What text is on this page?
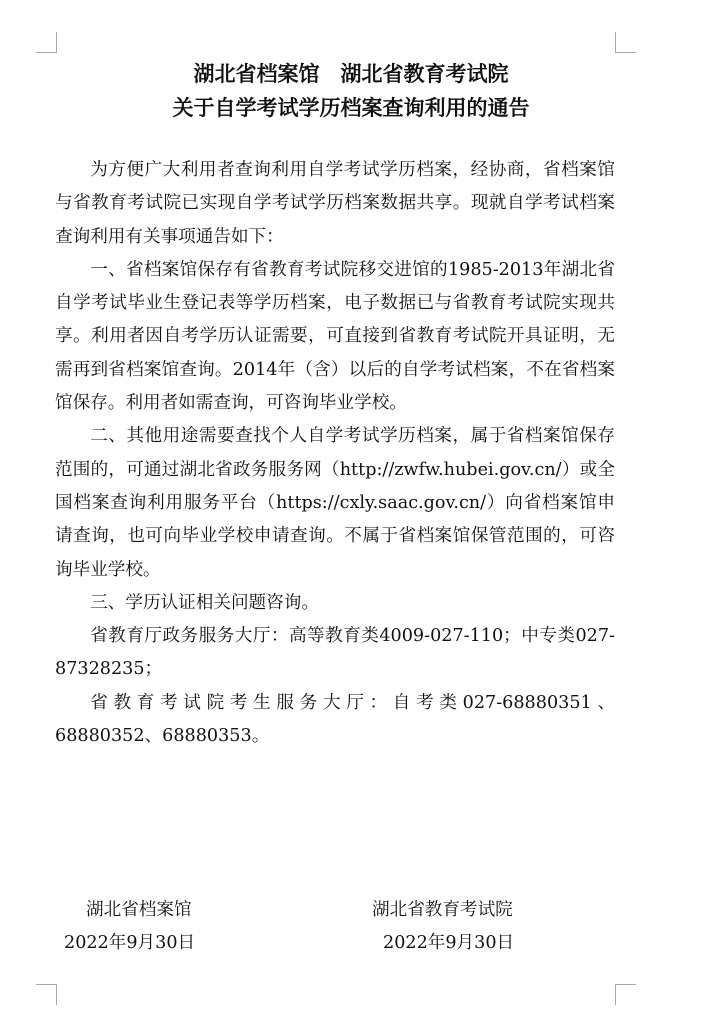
湖北省档案馆　湖北省教育考试院
关于自学考试学历档案查询利用的通告

为方便广大利用者查询利用自学考试学历档案，经协商，省档案馆与省教育考试院已实现自学考试学历档案数据共享。现就自学考试档案查询利用有关事项通告如下：

一、省档案馆保存有省教育考试院移交进馆的1985-2013年湖北省自学考试毕业生登记表等学历档案，电子数据已与省教育考试院实现共享。利用者因自考学历认证需要，可直接到省教育考试院开具证明，无需再到省档案馆查询。2014年（含）以后的自学考试档案，不在省档案馆保存。利用者如需查询，可咨询毕业学校。

二、其他用途需要查找个人自学考试学历档案，属于省档案馆保存范围的，可通过湖北省政务服务网（http://zwfw.hubei.gov.cn/）或全国档案查询利用服务平台（https://cxly.saac.gov.cn/）向省档案馆申请查询，也可向毕业学校申请查询。不属于省档案馆保管范围的，可咨询毕业学校。

三、学历认证相关问题咨询。

省教育厅政务服务大厅：高等教育类4009-027-110；中专类027-87328235；

省教育考试院考生服务大厅：自考类027-68880351、68880352、68880353。

湖北省档案馆
2022年9月30日
湖北省教育考试院
2022年9月30日
